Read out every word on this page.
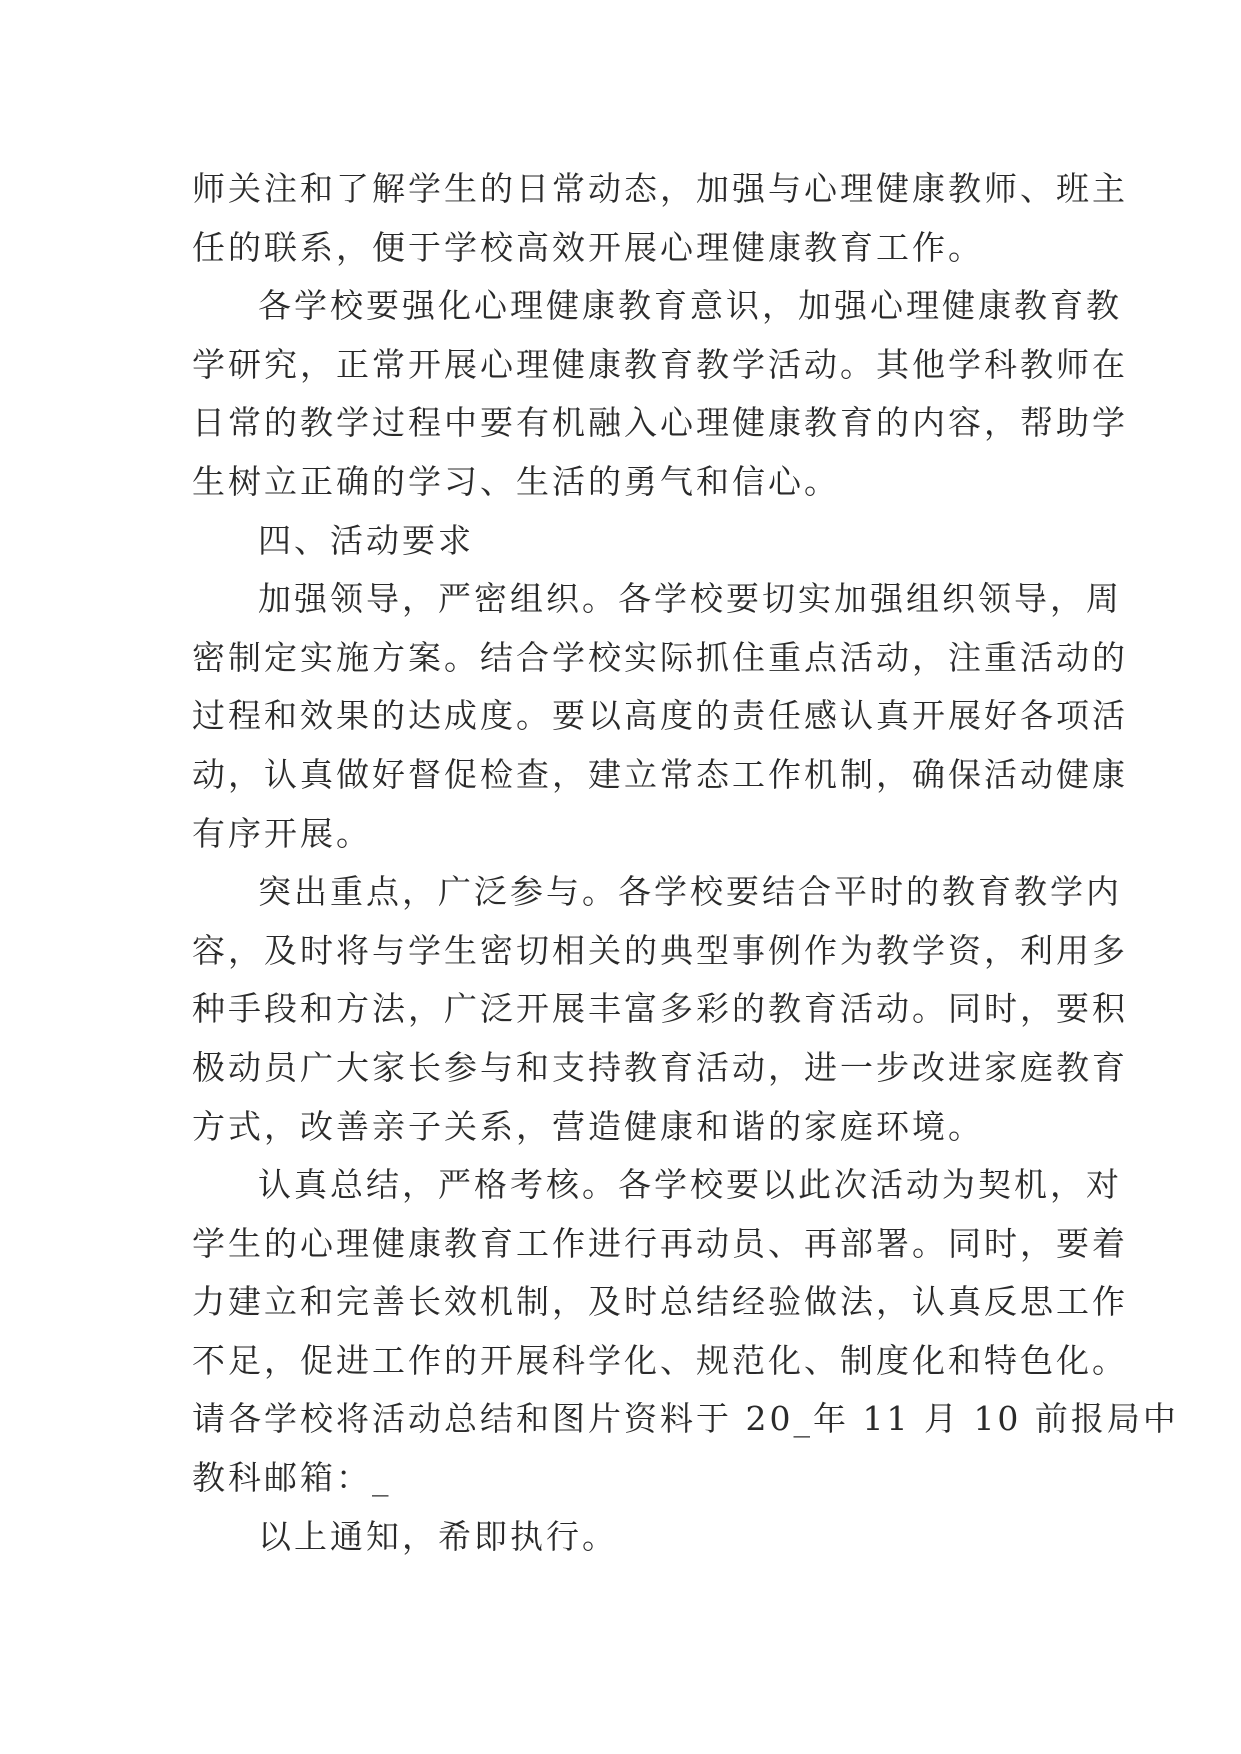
师关注和了解学生的日常动态，加强与心理健康教师、班主
任的联系，便于学校高效开展心理健康教育工作。
各学校要强化心理健康教育意识，加强心理健康教育教
学研究，正常开展心理健康教育教学活动。其他学科教师在
日常的教学过程中要有机融入心理健康教育的内容，帮助学
生树立正确的学习、生活的勇气和信心。
四、活动要求
加强领导，严密组织。各学校要切实加强组织领导，周
密制定实施方案。结合学校实际抓住重点活动，注重活动的
过程和效果的达成度。要以高度的责任感认真开展好各项活
动，认真做好督促检查，建立常态工作机制，确保活动健康
有序开展。
突出重点，广泛参与。各学校要结合平时的教育教学内
容，及时将与学生密切相关的典型事例作为教学资，利用多
种手段和方法，广泛开展丰富多彩的教育活动。同时，要积
极动员广大家长参与和支持教育活动，进一步改进家庭教育
方式，改善亲子关系，营造健康和谐的家庭环境。
认真总结，严格考核。各学校要以此次活动为契机，对
学生的心理健康教育工作进行再动员、再部署。同时，要着
力建立和完善长效机制，及时总结经验做法，认真反思工作
不足，促进工作的开展科学化、规范化、制度化和特色化。
请各学校将活动总结和图片资料于 20_年 11 月 10 前报局中
教科邮箱：_
以上通知，希即执行。
